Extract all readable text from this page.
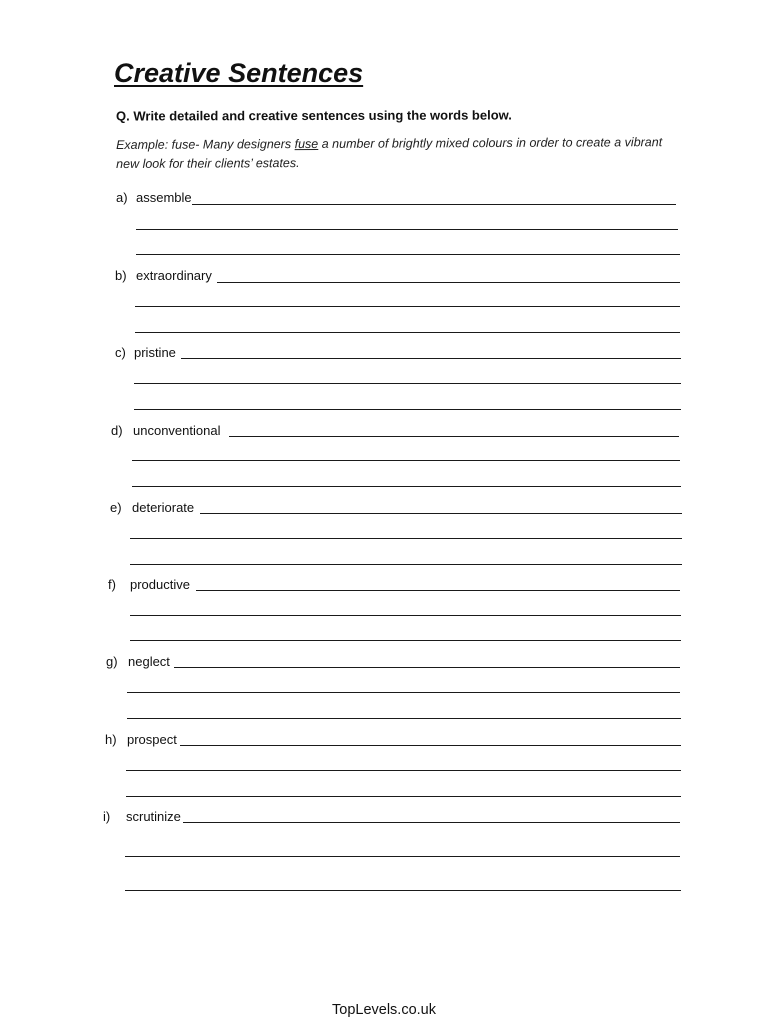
Creative Sentences
Q. Write detailed and creative sentences using the words below.
Example: fuse- Many designers fuse a number of brightly mixed colours in order to create a vibrant new look for their clients’ estates.
a) assemble
b) extraordinary
c) pristine
d) unconventional
e) deteriorate
f) productive
g) neglect
h) prospect
i) scrutinize
TopLevels.co.uk
